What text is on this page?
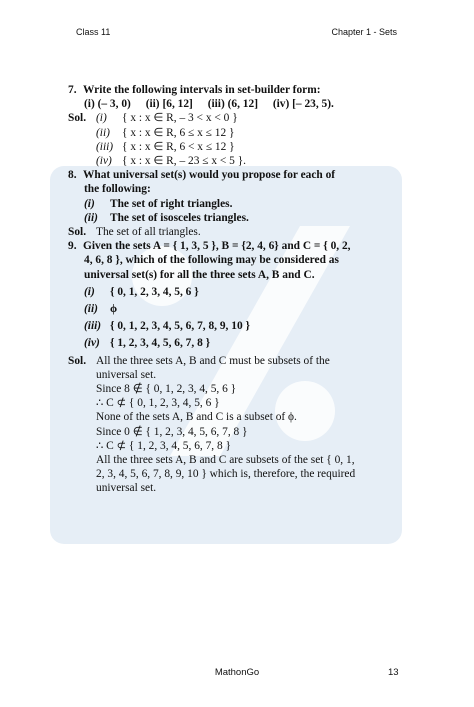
Class 11	Chapter 1 - Sets
7. Write the following intervals in set-builder form:
(i) (– 3, 0) (ii) [6, 12] (iii) (6, 12] (iv) [– 23, 5).
Sol. (i) { x : x ∈ R, – 3 < x < 0 }
(ii) { x : x ∈ R, 6 ≤ x ≤ 12 }
(iii) { x : x ∈ R, 6 < x ≤ 12 }
(iv) { x : x ∈ R, – 23 ≤ x < 5 }.
8. What universal set(s) would you propose for each of
the following:
(i) The set of right triangles.
(ii) The set of isosceles triangles.
Sol. The set of all triangles.
9. Given the sets A = { 1, 3, 5 }, B = {2, 4, 6} and C = { 0, 2,
4, 6, 8 }, which of the following may be considered as
universal set(s) for all the three sets A, B and C.
(i) { 0, 1, 2, 3, 4, 5, 6 }
(ii) ϕ
(iii) { 0, 1, 2, 3, 4, 5, 6, 7, 8, 9, 10 }
(iv) { 1, 2, 3, 4, 5, 6, 7, 8 }
Sol. All the three sets A, B and C must be subsets of the
universal set.
Since 8 ∉ { 0, 1, 2, 3, 4, 5, 6 }
∴ C ⊄ { 0, 1, 2, 3, 4, 5, 6 }
None of the sets A, B and C is a subset of ϕ.
Since 0 ∉ { 1, 2, 3, 4, 5, 6, 7, 8 }
∴ C ⊄ { 1, 2, 3, 4, 5, 6, 7, 8 }
All the three sets A, B and C are subsets of the set { 0, 1,
2, 3, 4, 5, 6, 7, 8, 9, 10 } which is, therefore, the required
universal set.
MathonGo	13
